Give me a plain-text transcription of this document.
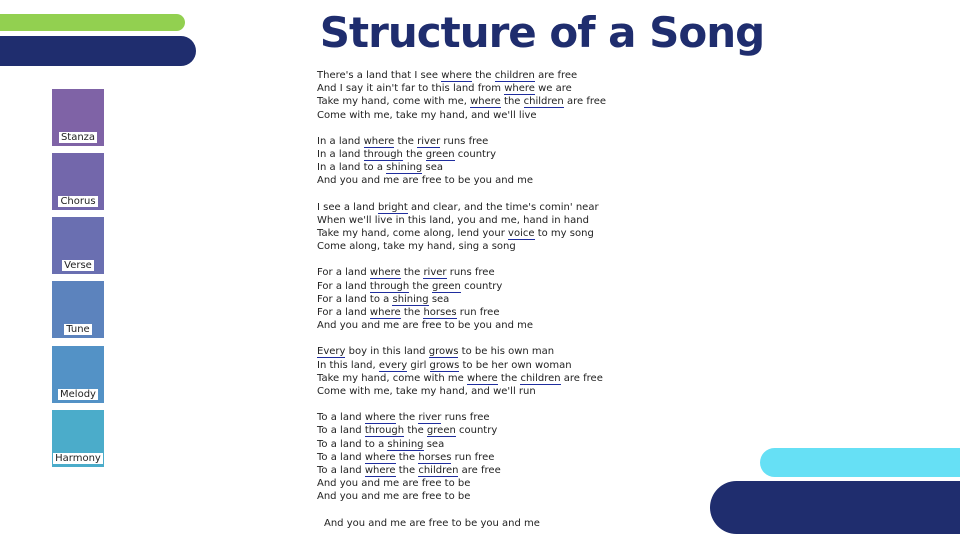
Structure of a Song
Stanza
Chorus
Verse
Tune
Melody
Harmony
There's a land that I see where the children are free
And I say it ain't far to this land from where we are
Take my hand, come with me, where the children are free
Come with me, take my hand, and we'll live
In a land where the river runs free
In a land through the green country
In a land to a shining sea
And you and me are free to be you and me
I see a land bright and clear, and the time's comin' near
When we'll live in this land, you and me, hand in hand
Take my hand, come along, lend your voice to my song
Come along, take my hand, sing a song
For a land where the river runs free
For a land through the green country
For a land to a shining sea
For a land where the horses run free
And you and me are free to be you and me
Every boy in this land grows to be his own man
In this land, every girl grows to be her own woman
Take my hand, come with me where the children are free
Come with me, take my hand, and we'll run
To a land where the river runs free
To a land through the green country
To a land to a shining sea
To a land where the horses run free
To a land where the children are free
And you and me are free to be
And you and me are free to be
And you and me are free to be you and me
